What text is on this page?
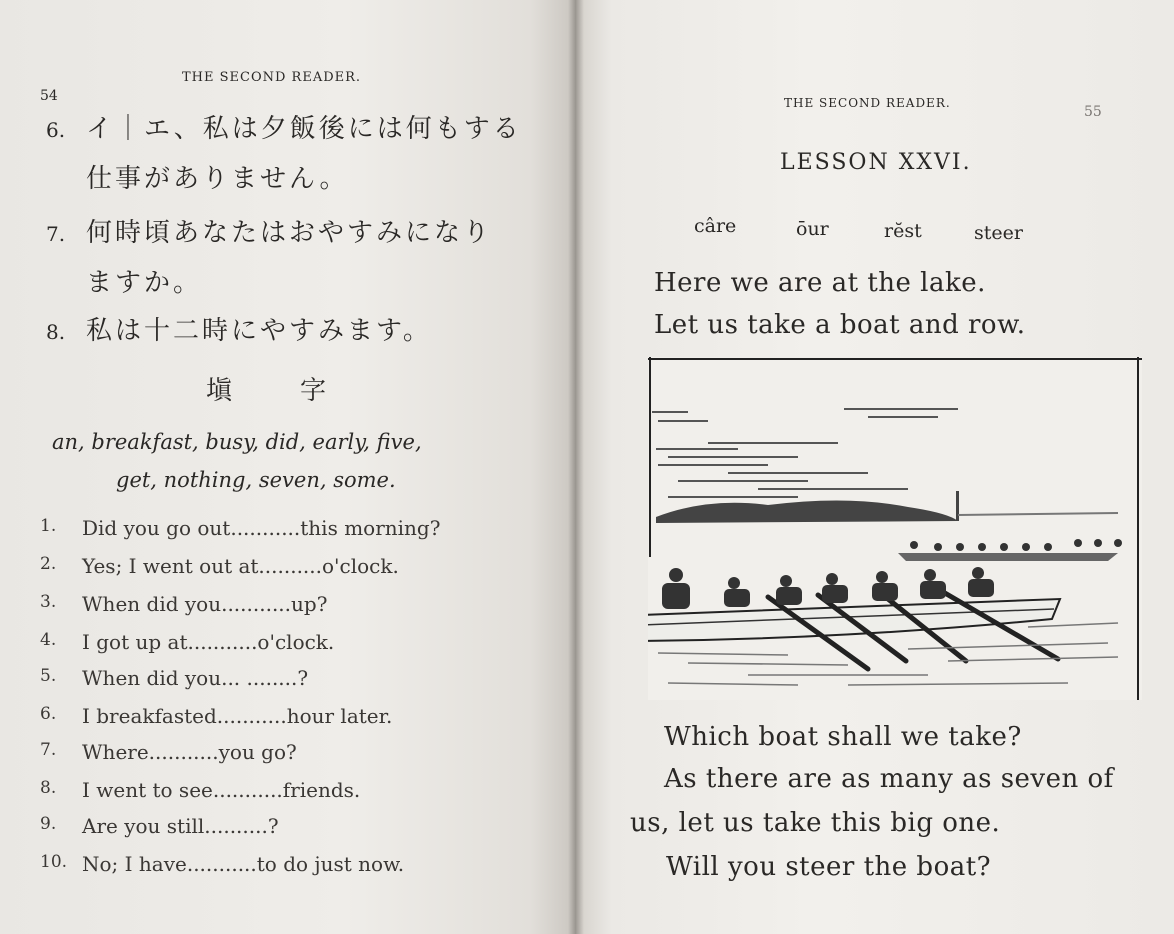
54
THE SECOND READER.
6. イ｜エ、私は夕飯後には何もする
仕事がありません。
7. 何時頃あなたはおやすみになり
ますか。
8. 私は十二時にやすみます。
塡 字
an, breakfast, busy, did, early, five,
get, nothing, seven, some.
1.	Did you go out...........this morning?
2.	Yes; I went out at..........o'clock.
3.	When did you...........up?
4.	I got up at...........o'clock.
5.	When did you... ........?
6.	I breakfasted...........hour later.
7.	Where...........you go?
8.	I went to see...........friends.
9.	Are you still..........?
10. No; I have...........to do just now.
THE SECOND READER.
55
LESSON XXVI.
câre	ōur	rĕst	steer
Here we are at the lake.
Let us take a boat and row.
Which boat shall we take?
As there are as many as seven of
us, let us take this big one.
Will you steer the boat?
